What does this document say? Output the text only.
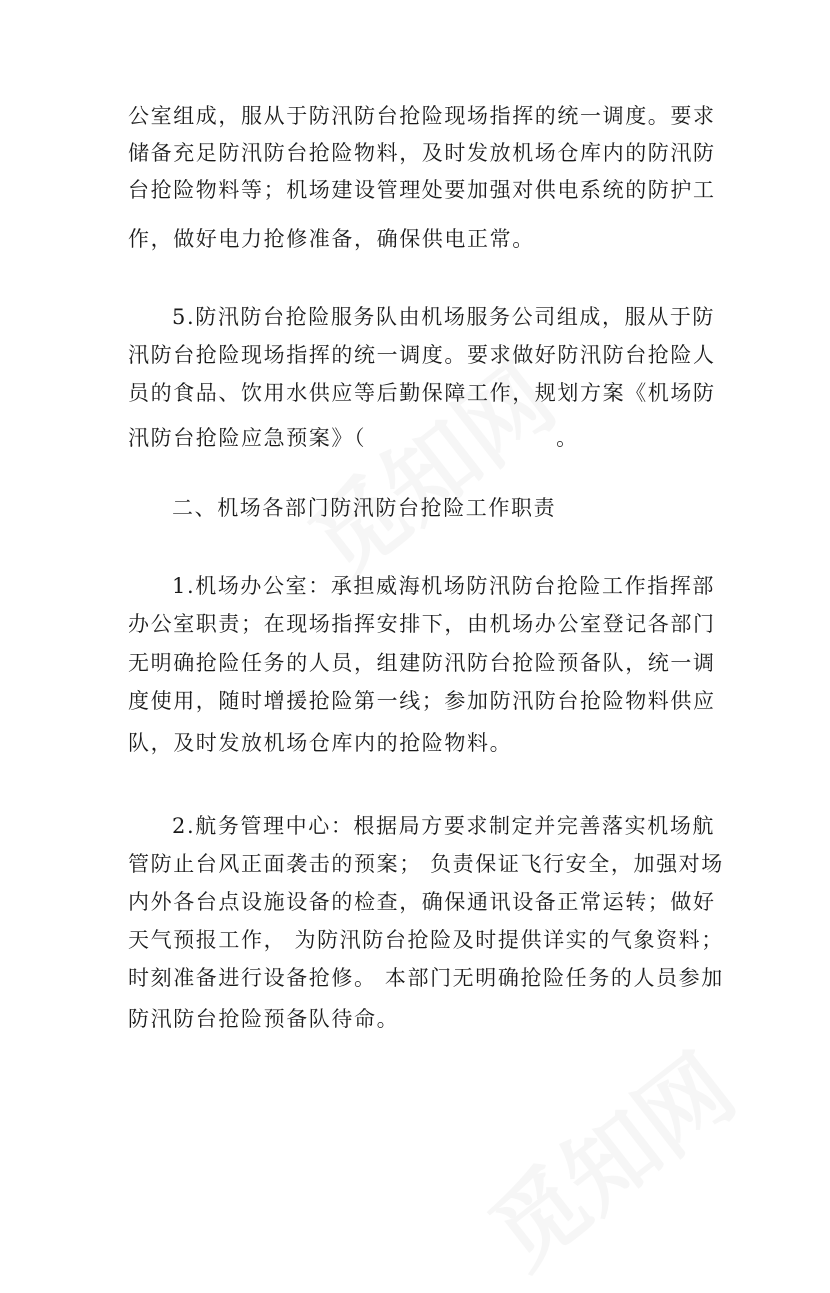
公室组成，服从于防汛防台抢险现场指挥的统一调度。要求
储备充足防汛防台抢险物料，及时发放机场仓库内的防汛防
台抢险物料等；机场建设管理处要加强对供电系统的防护工
作，做好电力抢修准备，确保供电正常。
5.防汛防台抢险服务队由机场服务公司组成，服从于防
汛防台抢险现场指挥的统一调度。要求做好防汛防台抢险人
员的食品、饮用水供应等后勤保障工作，规划方案《机场防
汛防台抢险应急预案》（	。
二、机场各部门防汛防台抢险工作职责
1.机场办公室：承担威海机场防汛防台抢险工作指挥部
办公室职责；在现场指挥安排下，由机场办公室登记各部门
无明确抢险任务的人员，组建防汛防台抢险预备队，统一调
度使用，随时增援抢险第一线；参加防汛防台抢险物料供应
队，及时发放机场仓库内的抢险物料。
2.航务管理中心：根据局方要求制定并完善落实机场航
管防止台风正面袭击的预案； 负责保证飞行安全，加强对场
内外各台点设施设备的检查，确保通讯设备正常运转；做好
天气预报工作， 为防汛防台抢险及时提供详实的气象资料；
时刻准备进行设备抢修。 本部门无明确抢险任务的人员参加
防汛防台抢险预备队待命。
